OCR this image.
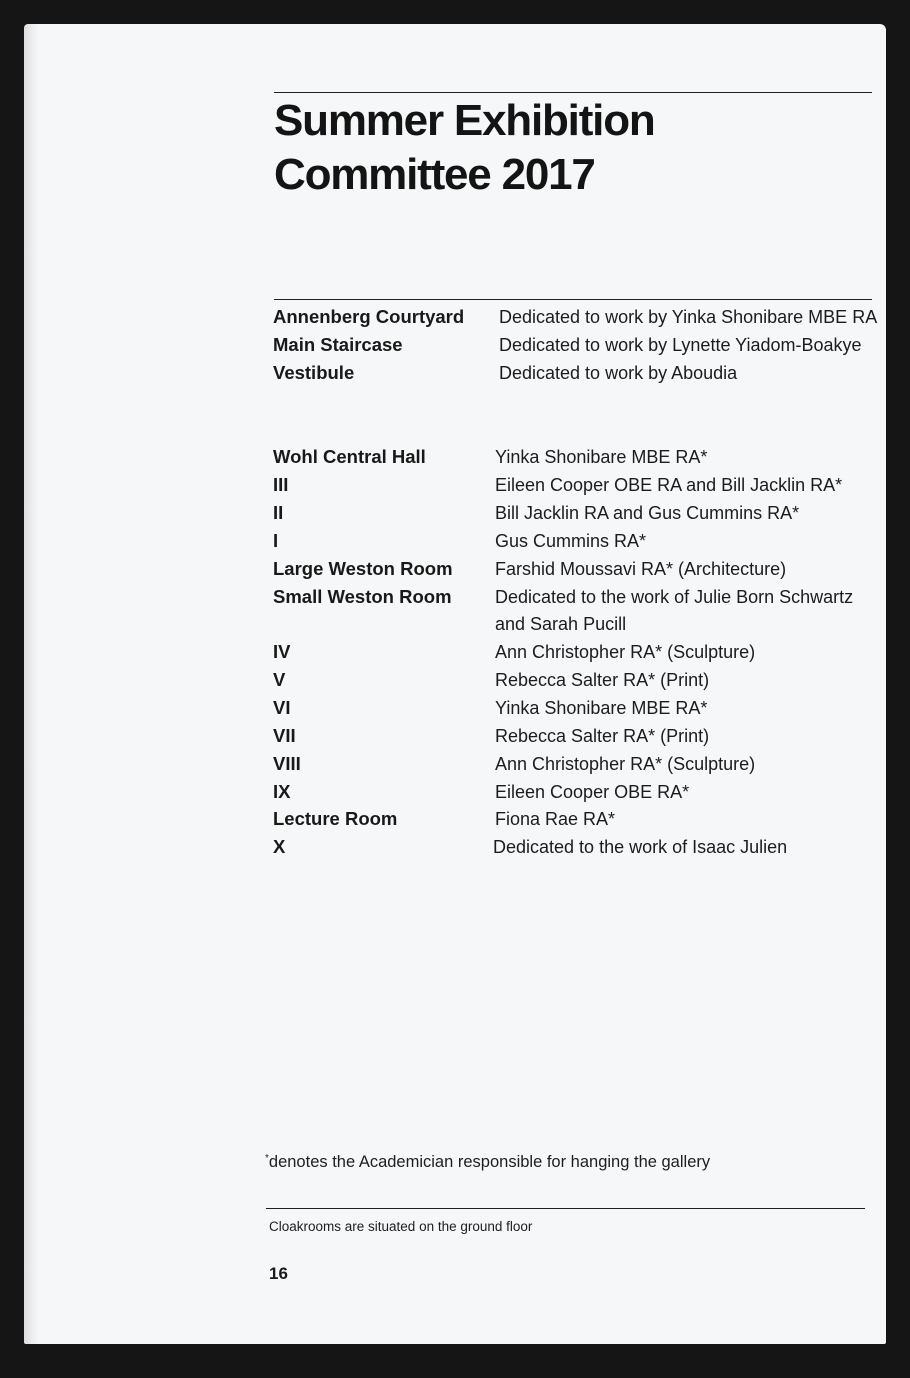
Summer Exhibition
Committee 2017
Annenberg Courtyard
Main Staircase
Vestibule
Wohl Central Hall
III
II
I
Large Weston Room
Small Weston Room
IV
V
VI
VII
VIII
IX
Lecture Room
X
Dedicated to work by Yinka Shonibare MBE RA
Dedicated to work by Lynette Yiadom-Boakye
Dedicated to work by Aboudia
Yinka Shonibare MBE RA*
Eileen Cooper OBE RA and Bill Jacklin RA*
Bill Jacklin RA and Gus Cummins RA*
Gus Cummins RA*
Farshid Moussavi RA* (Architecture)
Dedicated to the work of Julie Born Schwartz
and Sarah Pucill
Ann Christopher RA* (Sculpture)
Rebecca Salter RA* (Print)
Yinka Shonibare MBE RA*
Rebecca Salter RA* (Print)
Ann Christopher RA* (Sculpture)
Eileen Cooper OBE RA*
Fiona Rae RA*
Dedicated to the work of Isaac Julien
*denotes the Academician responsible for hanging the gallery
Cloakrooms are situated on the ground floor
16
